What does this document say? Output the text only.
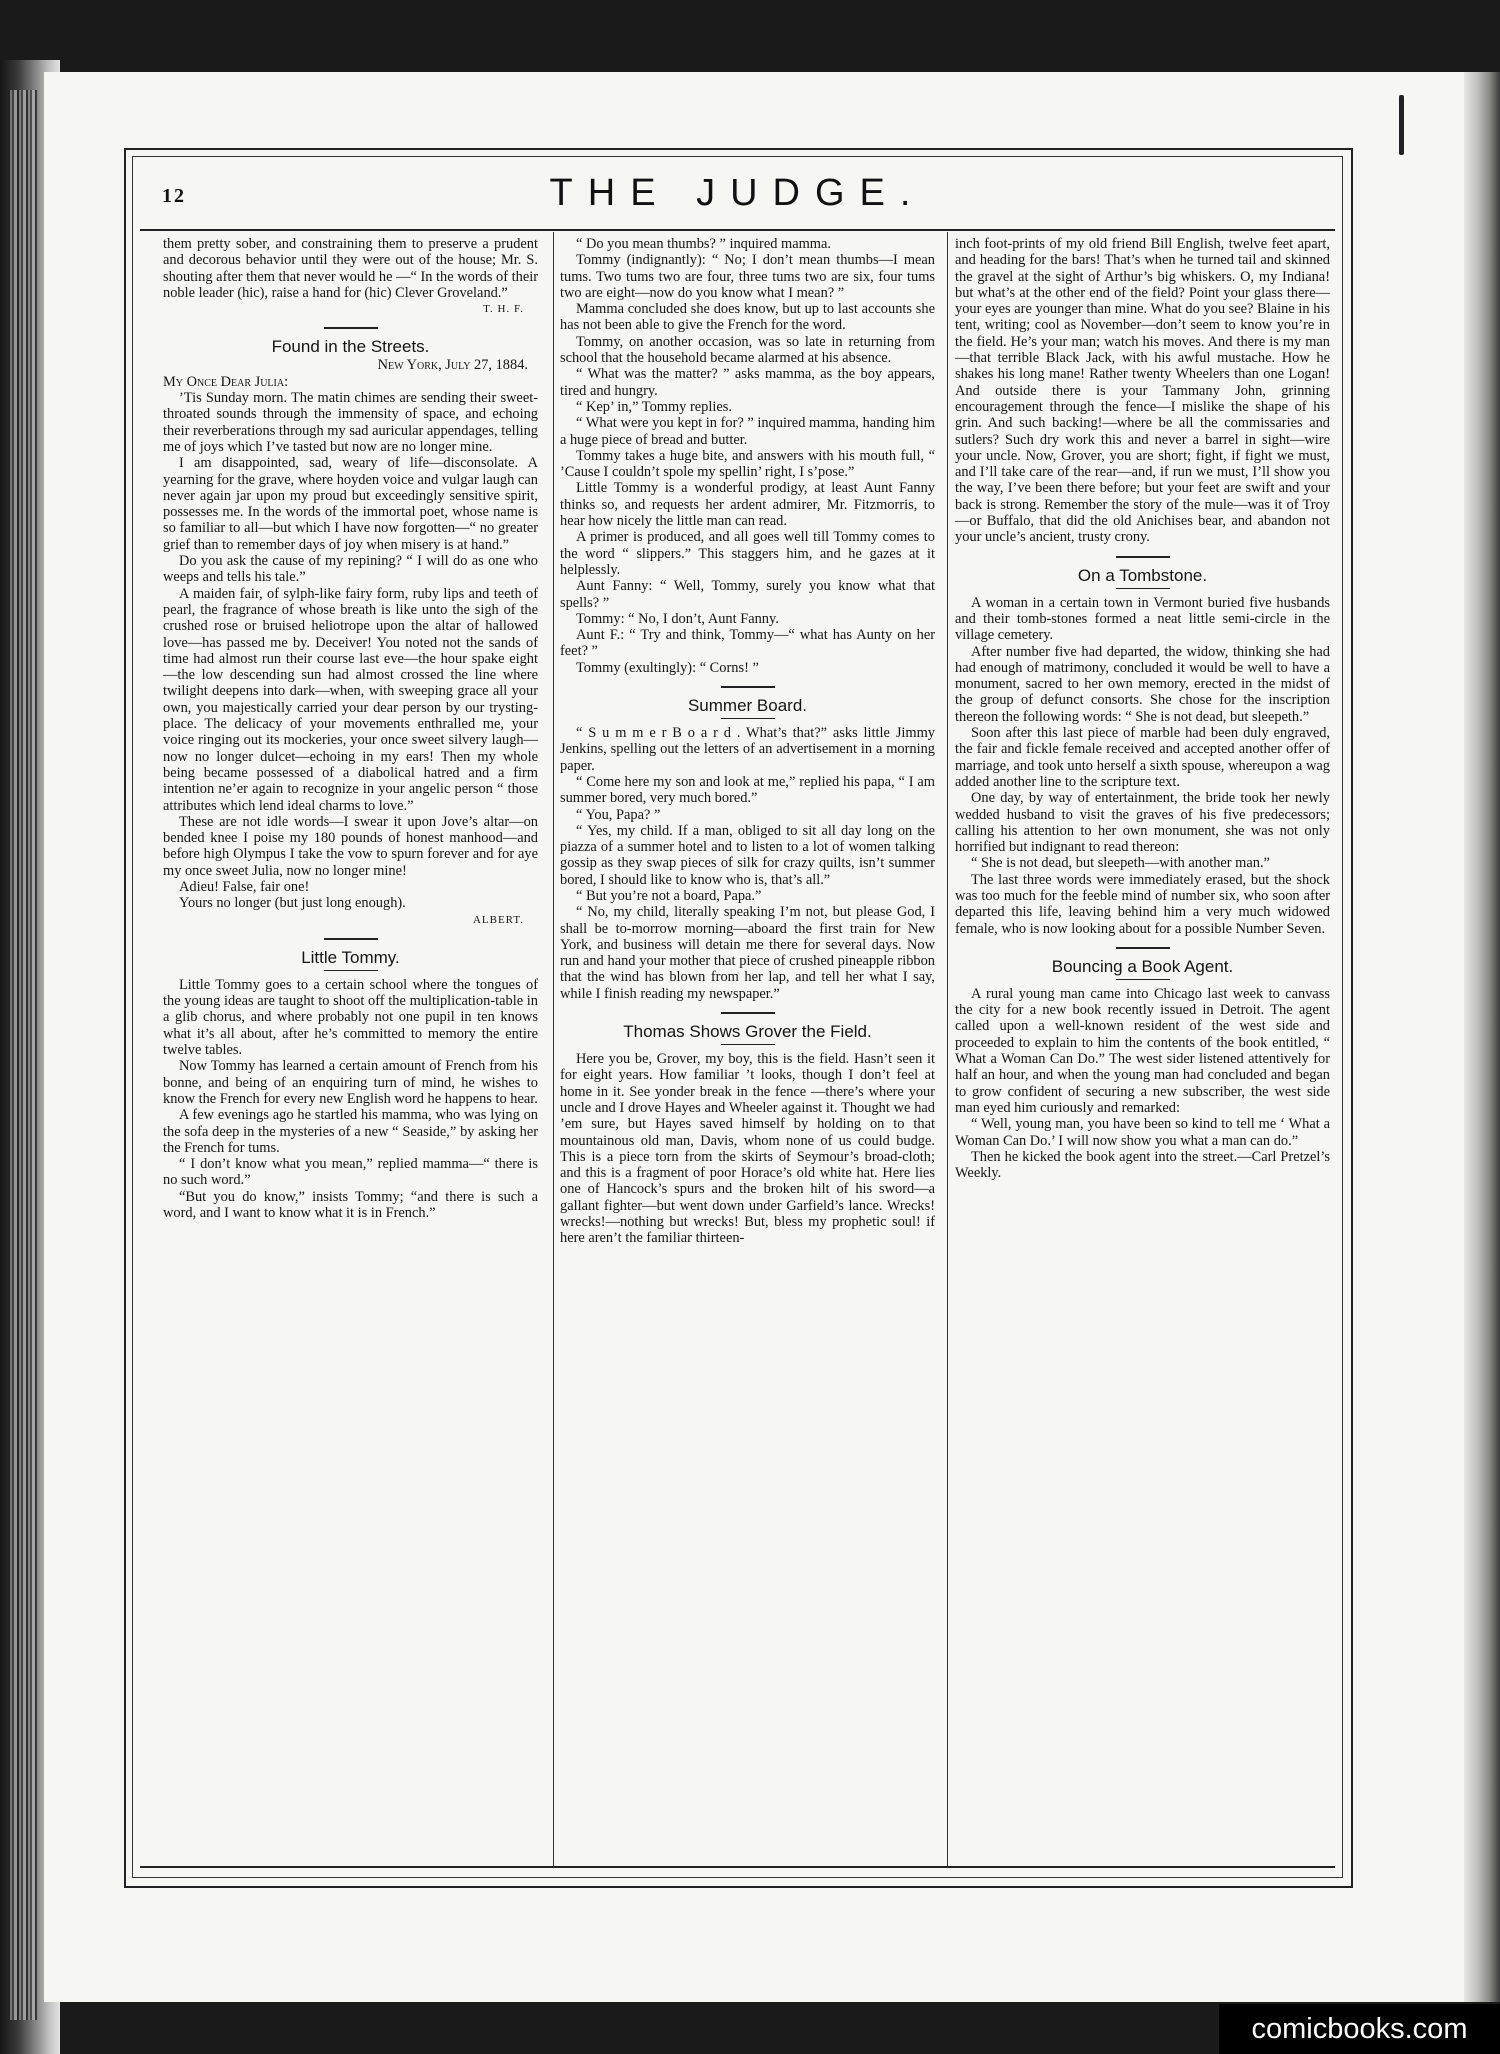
12	THE JUDGE.

them pretty sober, and constraining them to preserve a prudent and decorous behavior until they were out of the house; Mr. S. shouting after them that never would he —“ In the words of their noble leader (hic), raise a hand for (hic) Clever Groveland.”

T. H. F.

Found in the Streets.

New York, July 27, 1884.

My Once Dear Julia:

’Tis Sunday morn. The matin chimes are sending their sweet-throated sounds through the immensity of space, and echoing their reverberations through my sad auricular appendages, telling me of joys which I’ve tasted but now are no longer mine.

I am disappointed, sad, weary of life—disconsolate. A yearning for the grave, where hoyden voice and vulgar laugh can never again jar upon my proud but exceedingly sensitive spirit, possesses me. In the words of the immortal poet, whose name is so familiar to all—but which I have now forgotten—“ no greater grief than to remember days of joy when misery is at hand.”

Do you ask the cause of my repining? “ I will do as one who weeps and tells his tale.”

A maiden fair, of sylph-like fairy form, ruby lips and teeth of pearl, the fragrance of whose breath is like unto the sigh of the crushed rose or bruised heliotrope upon the altar of hallowed love—has passed me by. Deceiver! You noted not the sands of time had almost run their course last eve—the hour spake eight—the low descending sun had almost crossed the line where twilight deepens into dark—when, with sweeping grace all your own, you majestically carried your dear person by our trysting-place. The delicacy of your movements enthralled me, your voice ringing out its mockeries, your once sweet silvery laugh—now no longer dulcet—echoing in my ears! Then my whole being became possessed of a diabolical hatred and a firm intention ne’er again to recognize in your angelic person “ those attributes which lend ideal charms to love.”

These are not idle words—I swear it upon Jove’s altar—on bended knee I poise my 180 pounds of honest manhood—and before high Olympus I take the vow to spurn forever and for aye my once sweet Julia, now no longer mine!

Adieu! False, fair one!

Yours no longer (but just long enough).

ALBERT.

Little Tommy.

Little Tommy goes to a certain school where the tongues of the young ideas are taught to shoot off the multiplication-table in a glib chorus, and where probably not one pupil in ten knows what it’s all about, after he’s committed to memory the entire twelve tables.

Now Tommy has learned a certain amount of French from his bonne, and being of an enquiring turn of mind, he wishes to know the French for every new English word he happens to hear.

A few evenings ago he startled his mamma, who was lying on the sofa deep in the mysteries of a new “ Seaside,” by asking her the French for tums.

“ I don’t know what you mean,” replied mamma—“ there is no such word.”

“But you do know,” insists Tommy; “and there is such a word, and I want to know what it is in French.”

“ Do you mean thumbs? ” inquired mamma.

Tommy (indignantly): “ No; I don’t mean thumbs—I mean tums. Two tums two are four, three tums two are six, four tums two are eight—now do you know what I mean? ”

Mamma concluded she does know, but up to last accounts she has not been able to give the French for the word.

Tommy, on another occasion, was so late in returning from school that the household became alarmed at his absence.

“ What was the matter? ” asks mamma, as the boy appears, tired and hungry.

“ Kep’ in,” Tommy replies.

“ What were you kept in for? ” inquired mamma, handing him a huge piece of bread and butter.

Tommy takes a huge bite, and answers with his mouth full, “ ’Cause I couldn’t spole my spellin’ right, I s’pose.”

Little Tommy is a wonderful prodigy, at least Aunt Fanny thinks so, and requests her ardent admirer, Mr. Fitzmorris, to hear how nicely the little man can read.

A primer is produced, and all goes well till Tommy comes to the word “ slippers.” This staggers him, and he gazes at it helplessly.

Aunt Fanny: “ Well, Tommy, surely you know what that spells? ”

Tommy: “ No, I don’t, Aunt Fanny.

Aunt F.: “ Try and think, Tommy—“ what has Aunty on her feet? ”

Tommy (exultingly): “ Corns! ”

Summer Board.

“ S u m m e r B o a r d . What’s that?” asks little Jimmy Jenkins, spelling out the letters of an advertisement in a morning paper.

“ Come here my son and look at me,” replied his papa, “ I am summer bored, very much bored.”

“ You, Papa? ”

“ Yes, my child. If a man, obliged to sit all day long on the piazza of a summer hotel and to listen to a lot of women talking gossip as they swap pieces of silk for crazy quilts, isn’t summer bored, I should like to know who is, that’s all.”

“ But you’re not a board, Papa.”

“ No, my child, literally speaking I’m not, but please God, I shall be to-morrow morning—aboard the first train for New York, and business will detain me there for several days. Now run and hand your mother that piece of crushed pineapple ribbon that the wind has blown from her lap, and tell her what I say, while I finish reading my newspaper.”

Thomas Shows Grover the Field.

Here you be, Grover, my boy, this is the field. Hasn’t seen it for eight years. How familiar ’t looks, though I don’t feel at home in it. See yonder break in the fence —there’s where your uncle and I drove Hayes and Wheeler against it. Thought we had ’em sure, but Hayes saved himself by holding on to that mountainous old man, Davis, whom none of us could budge. This is a piece torn from the skirts of Seymour’s broad-cloth; and this is a fragment of poor Horace’s old white hat. Here lies one of Hancock’s spurs and the broken hilt of his sword—a gallant fighter—but went down under Garfield’s lance. Wrecks! wrecks!—nothing but wrecks! But, bless my prophetic soul! if here aren’t the familiar thirteen-

inch foot-prints of my old friend Bill English, twelve feet apart, and heading for the bars! That’s when he turned tail and skinned the gravel at the sight of Arthur’s big whiskers. O, my Indiana! but what’s at the other end of the field? Point your glass there—your eyes are younger than mine. What do you see? Blaine in his tent, writing; cool as November—don’t seem to know you’re in the field. He’s your man; watch his moves. And there is my man—that terrible Black Jack, with his awful mustache. How he shakes his long mane! Rather twenty Wheelers than one Logan! And outside there is your Tammany John, grinning encouragement through the fence—I mislike the shape of his grin. And such backing!—where be all the commissaries and sutlers? Such dry work this and never a barrel in sight—wire your uncle. Now, Grover, you are short; fight, if fight we must, and I’ll take care of the rear—and, if run we must, I’ll show you the way, I’ve been there before; but your feet are swift and your back is strong. Remember the story of the mule—was it of Troy—or Buffalo, that did the old Anichises bear, and abandon not your uncle’s ancient, trusty crony.

On a Tombstone.

A woman in a certain town in Vermont buried five husbands and their tomb-stones formed a neat little semi-circle in the village cemetery.

After number five had departed, the widow, thinking she had had enough of matrimony, concluded it would be well to have a monument, sacred to her own memory, erected in the midst of the group of defunct consorts. She chose for the inscription thereon the following words: “ She is not dead, but sleepeth.”

Soon after this last piece of marble had been duly engraved, the fair and fickle female received and accepted another offer of marriage, and took unto herself a sixth spouse, whereupon a wag added another line to the scripture text.

One day, by way of entertainment, the bride took her newly wedded husband to visit the graves of his five predecessors; calling his attention to her own monument, she was not only horrified but indignant to read thereon:

“ She is not dead, but sleepeth—with another man.”

The last three words were immediately erased, but the shock was too much for the feeble mind of number six, who soon after departed this life, leaving behind him a very much widowed female, who is now looking about for a possible Number Seven.

Bouncing a Book Agent.

A rural young man came into Chicago last week to canvass the city for a new book recently issued in Detroit. The agent called upon a well-known resident of the west side and proceeded to explain to him the contents of the book entitled, “ What a Woman Can Do.” The west sider listened attentively for half an hour, and when the young man had concluded and began to grow confident of securing a new subscriber, the west side man eyed him curiously and remarked:

“ Well, young man, you have been so kind to tell me ‘ What a Woman Can Do.’ I will now show you what a man can do.”

Then he kicked the book agent into the street.—Carl Pretzel’s Weekly.

comicbooks.com
